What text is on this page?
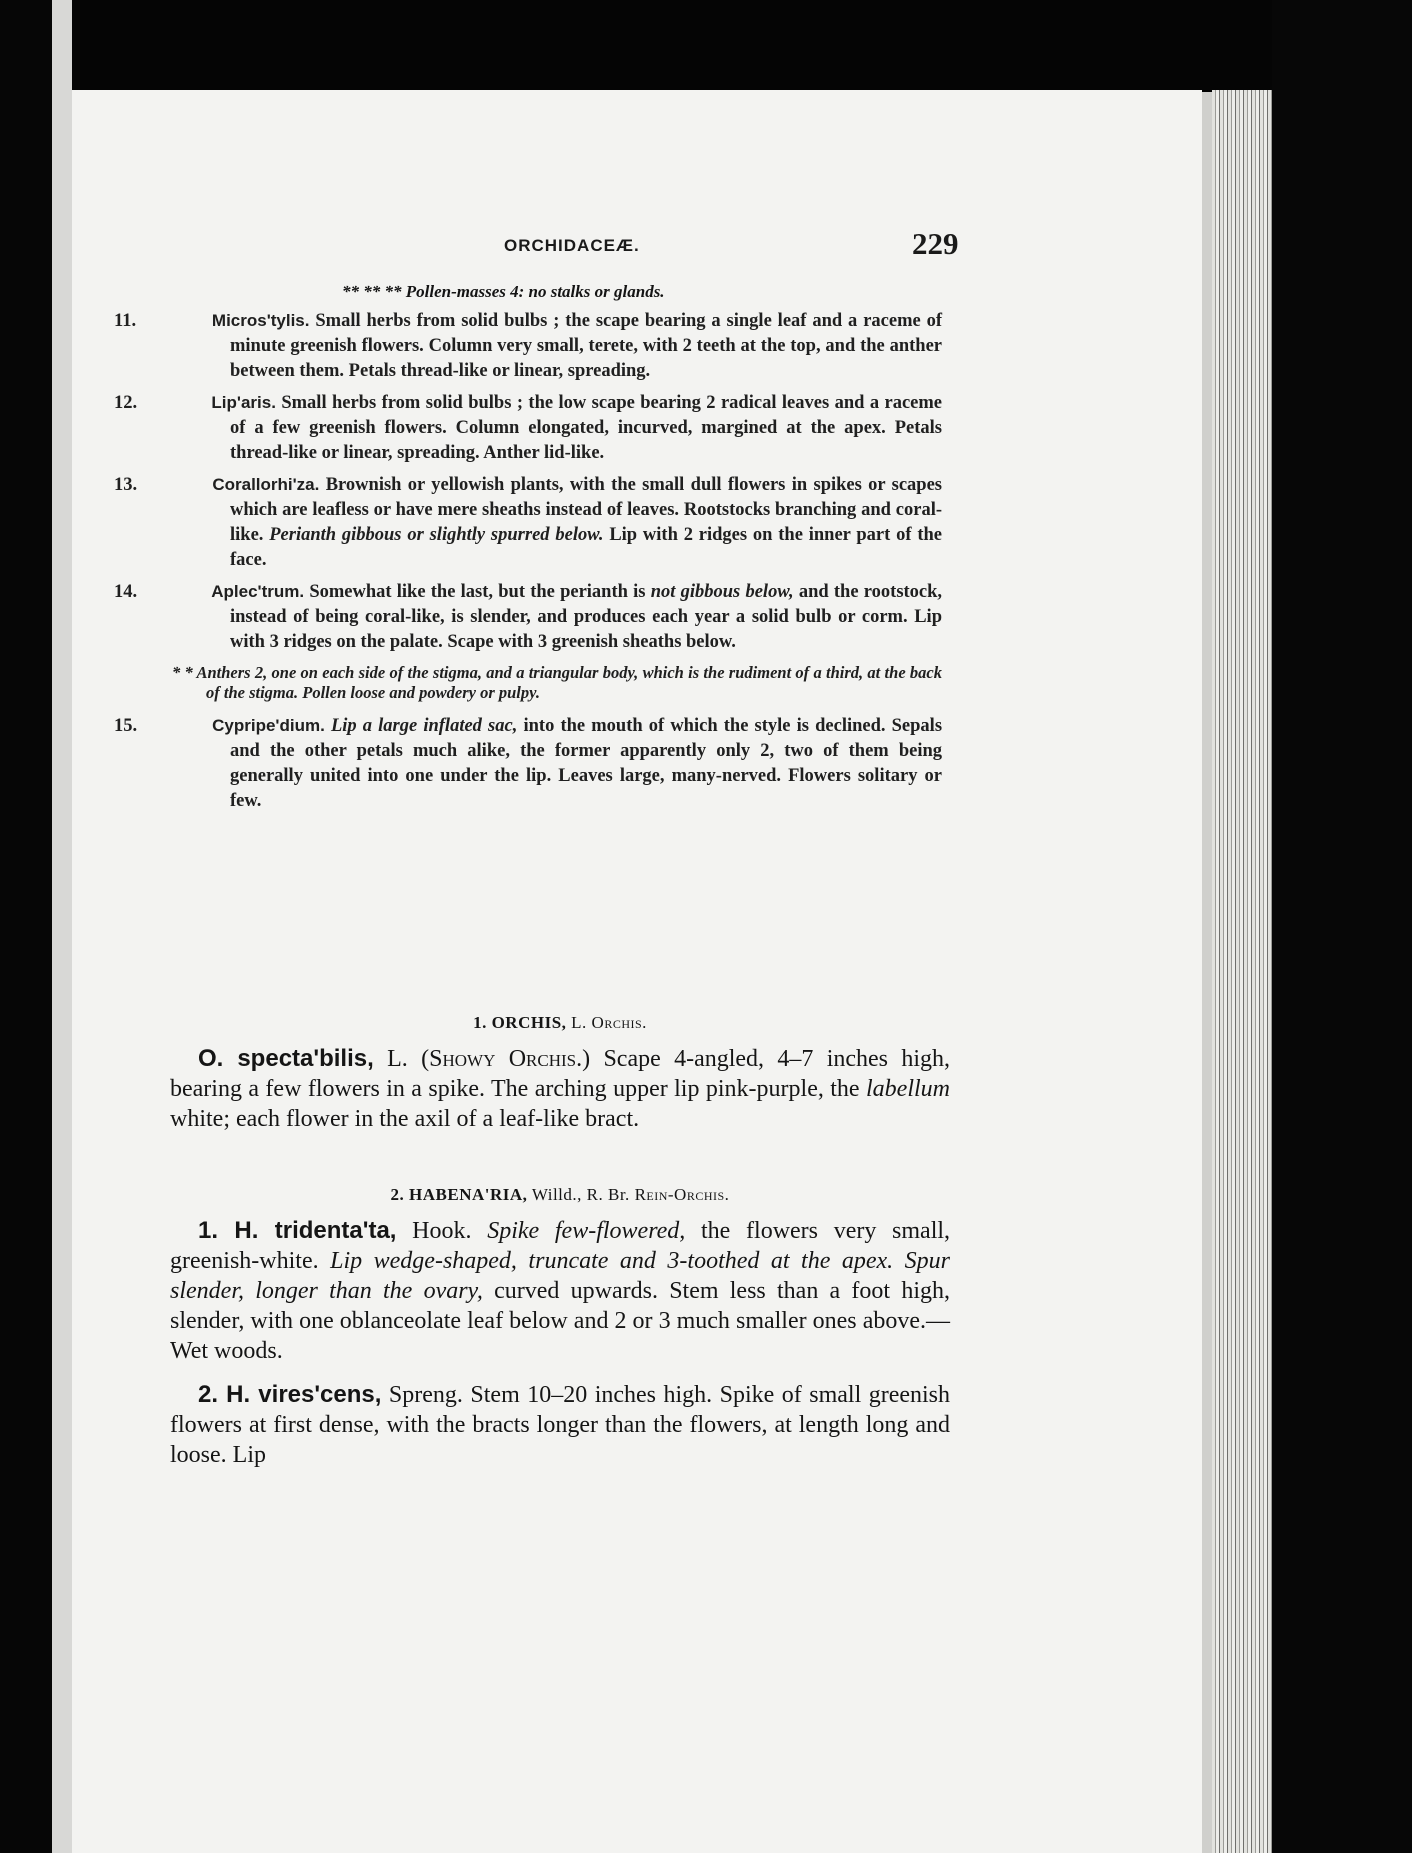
ORCHIDACEÆ.	229
** ** ** Pollen-masses 4: no stalks or glands.

11.	Micros'tylis. Small herbs from solid bulbs ; the scape bearing a single leaf and a raceme of minute greenish flowers. Column very small, terete, with 2 teeth at the top, and the anther between them. Petals thread-like or linear, spreading.

12.	Lip'aris. Small herbs from solid bulbs ; the low scape bearing 2 radical leaves and a raceme of a few greenish flowers. Column elongated, incurved, margined at the apex. Petals thread-like or linear, spreading. Anther lid-like.

13.	Corallorhi'za. Brownish or yellowish plants, with the small dull flowers in spikes or scapes which are leafless or have mere sheaths instead of leaves. Rootstocks branching and coral-like. Perianth gibbous or slightly spurred below. Lip with 2 ridges on the inner part of the face.

14.	Aplec'trum. Somewhat like the last, but the perianth is not gibbous below, and the rootstock, instead of being coral-like, is slender, and produces each year a solid bulb or corm. Lip with 3 ridges on the palate. Scape with 3 greenish sheaths below.

* * Anthers 2, one on each side of the stigma, and a triangular body, which is the rudiment of a third, at the back of the stigma. Pollen loose and powdery or pulpy.

15.	Cypripe'dium. Lip a large inflated sac, into the mouth of which the style is declined. Sepals and the other petals much alike, the former apparently only 2, two of them being generally united into one under the lip. Leaves large, many-nerved. Flowers solitary or few.

1. ORCHIS, L. Orchis.

O. specta'bilis, L. (Showy Orchis.) Scape 4-angled, 4–7 inches high, bearing a few flowers in a spike. The arching upper lip pink-purple, the labellum white; each flower in the axil of a leaf-like bract.

2. HABENA'RIA, Willd., R. Br. Rein-Orchis.

1. H. tridenta'ta, Hook. Spike few-flowered, the flowers very small, greenish-white. Lip wedge-shaped, truncate and 3-toothed at the apex. Spur slender, longer than the ovary, curved upwards. Stem less than a foot high, slender, with one oblanceolate leaf below and 2 or 3 much smaller ones above.—Wet woods.

2. H. vires'cens, Spreng. Stem 10–20 inches high. Spike of small greenish flowers at first dense, with the bracts longer than the flowers, at length long and loose. Lip
